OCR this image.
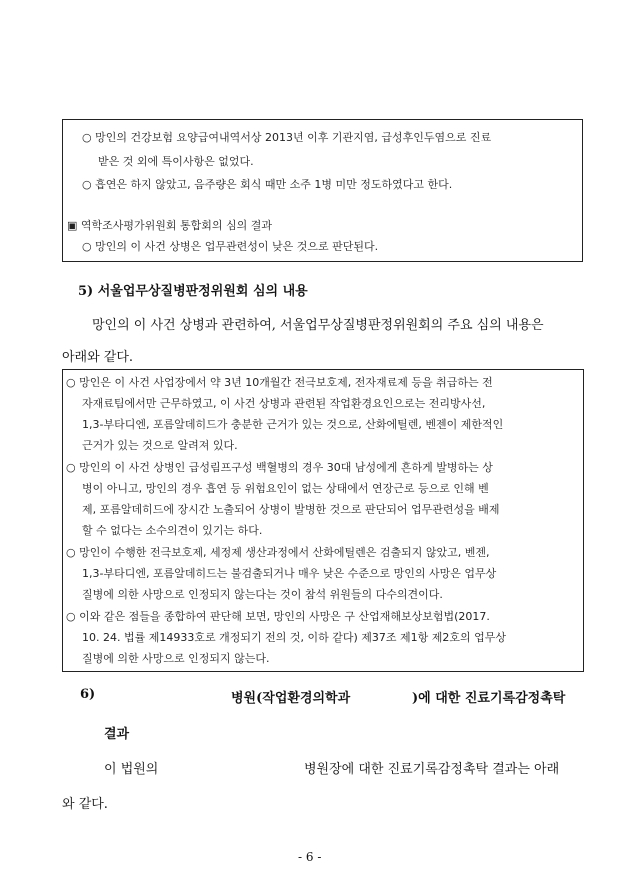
○ 망인의 건강보험 요양급여내역서상 2013년 이후 기관지염, 급성후인두염으로 진료
받은 것 외에 특이사항은 없었다.
○ 흡연은 하지 않았고, 음주량은 회식 때만 소주 1병 미만 정도하였다고 한다.
▣ 역학조사평가위원회 통합회의 심의 결과
○ 망인의 이 사건 상병은 업무관련성이 낮은 것으로 판단된다.
5) 서울업무상질병판정위원회 심의 내용
망인의 이 사건 상병과 관련하여, 서울업무상질병판정위원회의 주요 심의 내용은
아래와 같다.
○ 망인은 이 사건 사업장에서 약 3년 10개월간 전극보호제, 전자재료제 등을 취급하는 전
자재료팀에서만 근무하였고, 이 사건 상병과 관련된 작업환경요인으로는 전리방사선,
1,3-부타디엔, 포름알데히드가 충분한 근거가 있는 것으로, 산화에틸렌, 벤젠이 제한적인
근거가 있는 것으로 알려져 있다.
○ 망인의 이 사건 상병인 급성림프구성 백혈병의 경우 30대 남성에게 흔하게 발병하는 상
병이 아니고, 망인의 경우 흡연 등 위험요인이 없는 상태에서 연장근로 등으로 인해 벤
제, 포름알데히드에 장시간 노출되어 상병이 발병한 것으로 판단되어 업무관련성을 배제
할 수 없다는 소수의견이 있기는 하다.
○ 망인이 수행한 전극보호제, 세정제 생산과정에서 산화에틸렌은 검출되지 않았고, 벤젠,
1,3-부타디엔, 포름알데히드는 불검출되거나 매우 낮은 수준으로 망인의 사망은 업무상
질병에 의한 사망으로 인정되지 않는다는 것이 참석 위원들의 다수의견이다.
○ 이와 같은 점들을 종합하여 판단해 보면, 망인의 사망은 구 산업재해보상보험법(2017.
10. 24. 법률 제14933호로 개정되기 전의 것, 이하 같다) 제37조 제1항 제2호의 업무상
질병에 의한 사망으로 인정되지 않는다.
6)	병원(작업환경의학과	)에 대한 진료기록감정촉탁
결과
이 법원의	병원장에 대한 진료기록감정촉탁 결과는 아래
와 같다.
- 6 -
